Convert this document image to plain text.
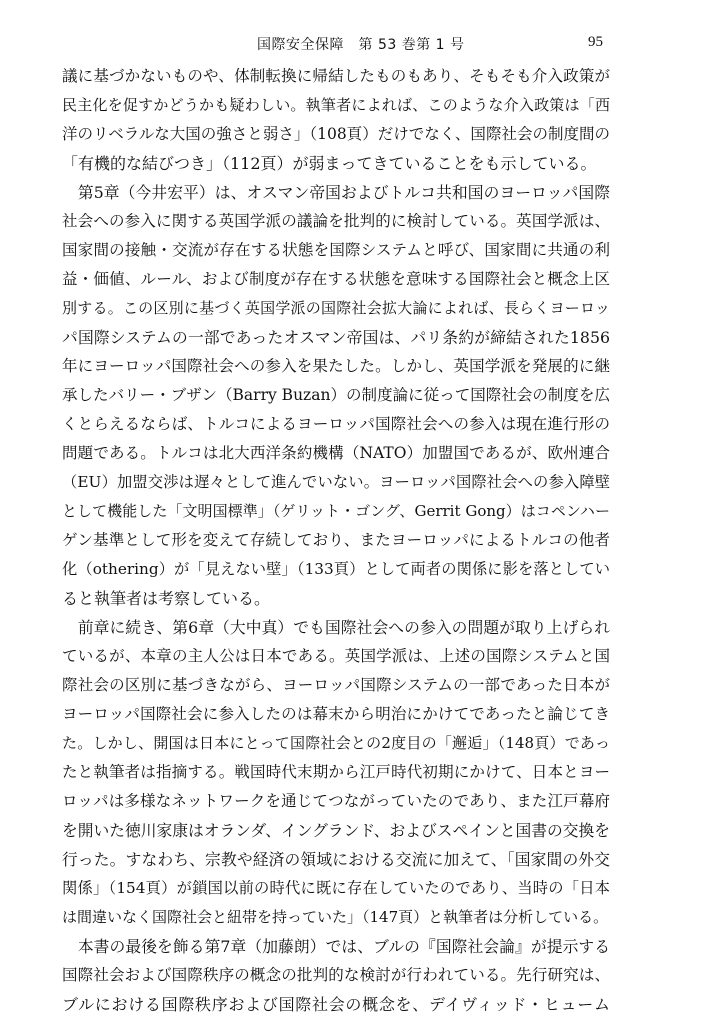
国際安全保障　第 53 巻第 1 号	95
議に基づかないものや、体制転換に帰結したものもあり、そもそも介入政策が
民主化を促すかどうかも疑わしい。執筆者によれば、このような介入政策は「西
洋のリベラルな大国の強さと弱さ」（108頁）だけでなく、国際社会の制度間の
「有機的な結びつき」（112頁）が弱まってきていることをも示している。
　第5章（今井宏平）は、オスマン帝国およびトルコ共和国のヨーロッパ国際
社会への参入に関する英国学派の議論を批判的に検討している。英国学派は、
国家間の接触・交流が存在する状態を国際システムと呼び、国家間に共通の利
益・価値、ルール、および制度が存在する状態を意味する国際社会と概念上区
別する。この区別に基づく英国学派の国際社会拡大論によれば、長らくヨーロッ
パ国際システムの一部であったオスマン帝国は、パリ条約が締結された1856
年にヨーロッパ国際社会への参入を果たした。しかし、英国学派を発展的に継
承したバリー・ブザン（Barry Buzan）の制度論に従って国際社会の制度を広
くとらえるならば、トルコによるヨーロッパ国際社会への参入は現在進行形の
問題である。トルコは北大西洋条約機構（NATO）加盟国であるが、欧州連合
（EU）加盟交渉は遅々として進んでいない。ヨーロッパ国際社会への参入障壁
として機能した「文明国標準」（ゲリット・ゴング、Gerrit Gong）はコペンハー
ゲン基準として形を変えて存続しており、またヨーロッパによるトルコの他者
化（othering）が「見えない壁」（133頁）として両者の関係に影を落としてい
ると執筆者は考察している。
　前章に続き、第6章（大中真）でも国際社会への参入の問題が取り上げられ
ているが、本章の主人公は日本である。英国学派は、上述の国際システムと国
際社会の区別に基づきながら、ヨーロッパ国際システムの一部であった日本が
ヨーロッパ国際社会に参入したのは幕末から明治にかけてであったと論じてき
た。しかし、開国は日本にとって国際社会との2度目の「邂逅」（148頁）であっ
たと執筆者は指摘する。戦国時代末期から江戸時代初期にかけて、日本とヨー
ロッパは多様なネットワークを通じてつながっていたのであり、また江戸幕府
を開いた徳川家康はオランダ、イングランド、およびスペインと国書の交換を
行った。すなわち、宗教や経済の領域における交流に加えて、「国家間の外交
関係」（154頁）が鎖国以前の時代に既に存在していたのであり、当時の「日本
は間違いなく国際社会と紐帯を持っていた」（147頁）と執筆者は分析している。
　本書の最後を飾る第7章（加藤朗）では、ブルの『国際社会論』が提示する
国際社会および国際秩序の概念の批判的な検討が行われている。先行研究は、
ブルにおける国際秩序および国際社会の概念を、デイヴィッド・ヒューム
